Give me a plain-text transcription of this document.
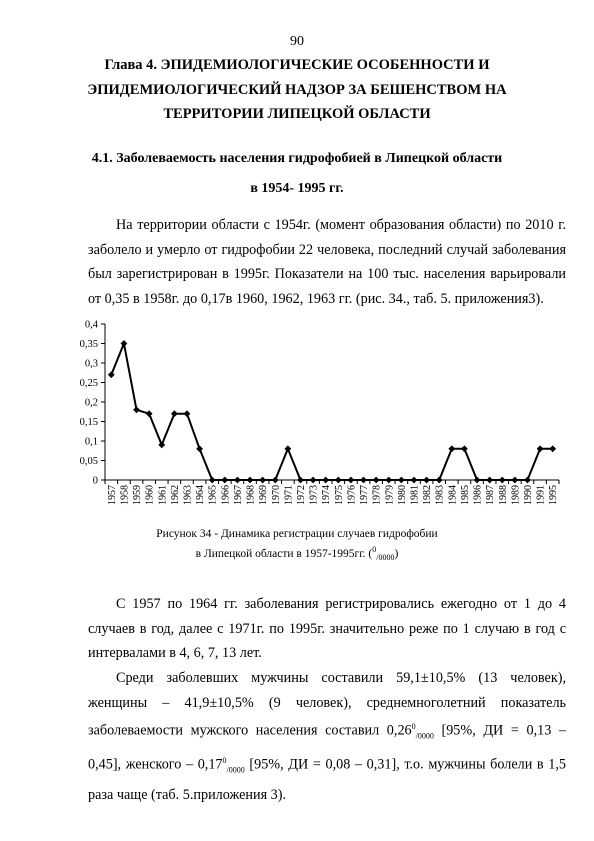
90
Глава 4. ЭПИДЕМИОЛОГИЧЕСКИЕ ОСОБЕННОСТИ И
ЭПИДЕМИОЛОГИЧЕСКИЙ НАДЗОР ЗА БЕШЕНСТВОМ НА
ТЕРРИТОРИИ ЛИПЕЦКОЙ ОБЛАСТИ
4.1. Заболеваемость населения гидрофобией в Липецкой области
в 1954- 1995 гг.

На территории области с 1954г. (момент образования области) по 2010 г. заболело и умерло от гидрофобии 22 человека, последний случай заболевания был зарегистрирован в 1995г. Показатели на 100 тыс. населения варьировали от 0,35 в 1958г. до 0,17в 1960, 1962, 1963 гг. (рис. 34., таб. 5. приложения3).

0
0,05
0,1
0,15
0,2
0,25
0,3
0,35
0,4
1957 1958 1959 1960 1961 1962 1963 1964 1965 1966 1967 1968 1969 1970 1971 1972 1973 1974 1975 1976 1977 1978 1979 1980 1981 1982 1983 1984 1985 1986 1987 1988 1989 1990 1991 1995
Рисунок 34 - Динамика регистрации случаев гидрофобии
в Липецкой области в 1957-1995гг. ($^0_{/0000}$)

С 1957 по 1964 гг. заболевания регистрировались ежегодно от 1 до 4 случаев в год, далее с 1971г. по 1995г. значительно реже по 1 случаю в год с интервалами в 4, 6, 7, 13 лет.

Среди заболевших мужчины составили 59,1±10,5% (13 человек), женщины – 41,9±10,5% (9 человек), среднемноголетний показатель заболеваемости мужского населения составил $0,26^0_{/0000}$ [95%, ДИ = 0,13 – 0,45], женского – $0,17^0_{/0000}$ [95%, ДИ = 0,08 – 0,31], т.о. мужчины болели в 1,5 раза чаще (таб. 5.приложения 3).
